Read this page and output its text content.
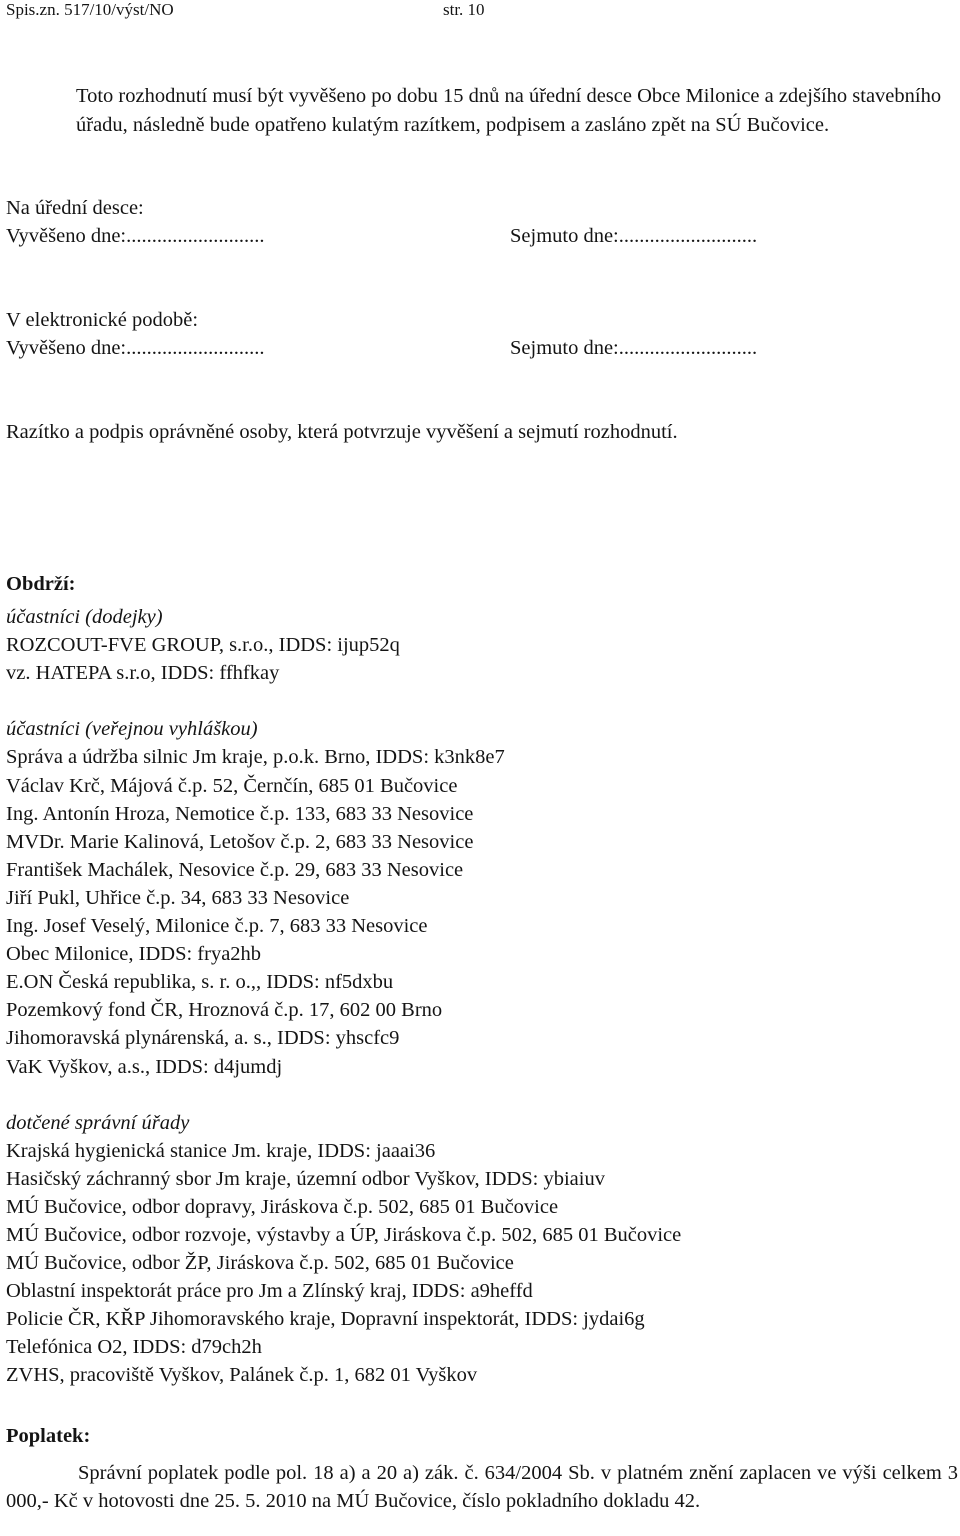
Spis.zn. 517/10/výst/NO	str. 10
Toto rozhodnutí musí být vyvěšeno po dobu 15 dnů na úřední desce Obce Milonice a zdejšího stavebního úřadu, následně bude opatřeno kulatým razítkem, podpisem a zasláno zpět na SÚ Bučovice.
Na úřední desce:
Vyvěšeno dne:...........................	Sejmuto dne:...........................
V elektronické podobě:
Vyvěšeno dne:...........................	Sejmuto dne:...........................
Razítko a podpis oprávněné osoby, která potvrzuje vyvěšení a sejmutí rozhodnutí.
Obdrží:
účastníci (dodejky)
ROZCOUT-FVE GROUP, s.r.o., IDDS: ijup52q
vz. HATEPA s.r.o, IDDS: ffhfkay
účastníci (veřejnou vyhláškou)
Správa a údržba silnic Jm kraje, p.o.k. Brno, IDDS: k3nk8e7
Václav Krč, Májová č.p. 52, Černčín, 685 01 Bučovice
Ing. Antonín Hroza, Nemotice č.p. 133, 683 33 Nesovice
MVDr. Marie Kalinová, Letošov č.p. 2, 683 33 Nesovice
František Machálek, Nesovice č.p. 29, 683 33 Nesovice
Jiří Pukl, Uhřice č.p. 34, 683 33 Nesovice
Ing. Josef Veselý, Milonice č.p. 7, 683 33 Nesovice
Obec Milonice, IDDS: frya2hb
E.ON Česká republika, s. r. o.,, IDDS: nf5dxbu
Pozemkový fond ČR, Hroznová č.p. 17, 602 00 Brno
Jihomoravská plynárenská, a. s., IDDS: yhscfc9
VaK Vyškov, a.s., IDDS: d4jumdj
dotčené správní úřady
Krajská hygienická stanice Jm. kraje, IDDS: jaaai36
Hasičský záchranný sbor Jm kraje, územní odbor Vyškov, IDDS: ybiaiuv
MÚ Bučovice, odbor dopravy, Jiráskova č.p. 502, 685 01 Bučovice
MÚ Bučovice, odbor rozvoje, výstavby a ÚP, Jiráskova č.p. 502, 685 01 Bučovice
MÚ Bučovice, odbor ŽP, Jiráskova č.p. 502, 685 01 Bučovice
Oblastní inspektorát práce pro Jm a Zlínský kraj, IDDS: a9heffd
Policie ČR, KŘP Jihomoravského kraje, Dopravní inspektorát, IDDS: jydai6g
Telefónica O2, IDDS: d79ch2h
ZVHS, pracoviště Vyškov, Palánek č.p. 1, 682 01 Vyškov
Poplatek:
Správní poplatek podle pol. 18 a) a 20 a) zák. č. 634/2004 Sb. v platném znění zaplacen ve výši celkem 3 000,- Kč v hotovosti dne 25. 5. 2010 na MÚ Bučovice, číslo pokladního dokladu 42.
